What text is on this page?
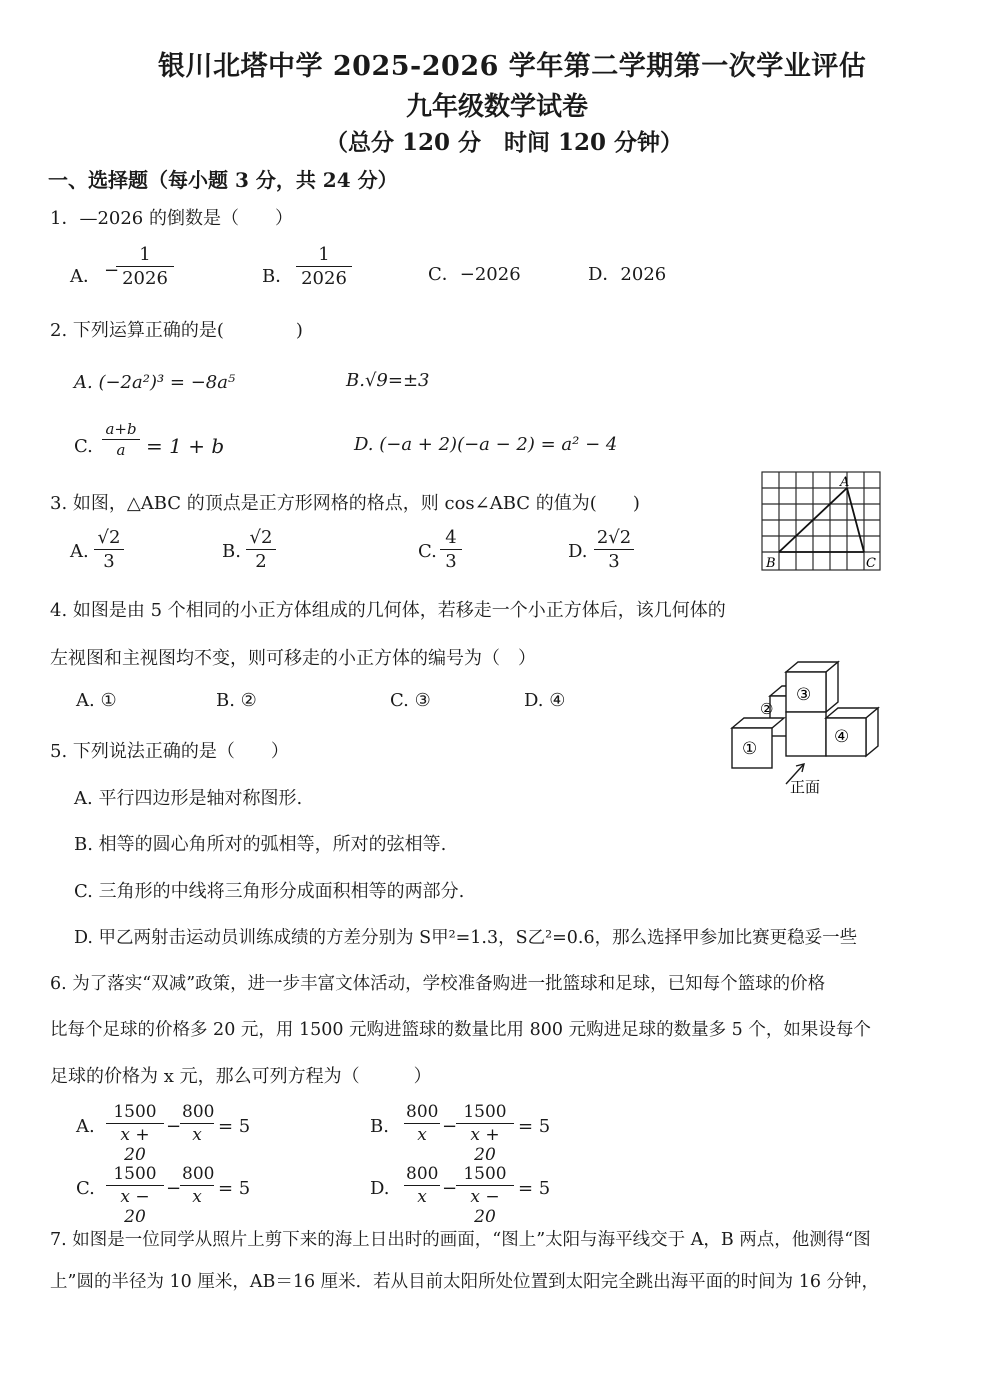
银川北塔中学 2025-2026 学年第二学期第一次学业评估
九年级数学试卷
（总分 120 分　时间 120 分钟）
一、选择题（每小题 3 分，共 24 分）
1．—2026 的倒数是（　　）
A． −
1
2026	B．
1
2026	C．−2026	D．2026
2. 下列运算正确的是(　　　　)
A. (−2a²)³ = −8a⁵	B.√9=±3
C.
a+b
a	= 1 + b	D. (−a + 2)(−a − 2) = a² − 4
3. 如图，△ABC 的顶点是正方形网格的格点，则 cos∠ABC 的值为(　　)
A.
√2
3	B.
√2
2	C.
4
3	D.
2√2
3
A
B	C
4. 如图是由 5 个相同的小正方体组成的几何体，若移走一个小正方体后，该几何体的
左视图和主视图均不变，则可移走的小正方体的编号为（　）
A. ①	B. ②	C. ③	D. ④
①
②
③
④
正面
5. 下列说法正确的是（　　）
A. 平行四边形是轴对称图形.
B. 相等的圆心角所对的弧相等，所对的弦相等.
C. 三角形的中线将三角形分成面积相等的两部分.
D. 甲乙两射击运动员训练成绩的方差分别为 S甲²=1.3，S乙²=0.6，那么选择甲参加比赛更稳妥一些
6. 为了落实“双减”政策，进一步丰富文体活动，学校准备购进一批篮球和足球，已知每个篮球的价格
比每个足球的价格多 20 元，用 1500 元购进篮球的数量比用 800 元购进足球的数量多 5 个，如果设每个
足球的价格为 x 元，那么可列方程为（　　　）
A.
1500
x + 20
−
800
x = 5	B.
800
x −
1500
x + 20
= 5
C.
1500
x − 20
−
800
x = 5	D.
800
x −
1500
x − 20
= 5
7. 如图是一位同学从照片上剪下来的海上日出时的画面，“图上”太阳与海平线交于 A，B 两点，他测得“图
上”圆的半径为 10 厘米，AB＝16 厘米．若从目前太阳所处位置到太阳完全跳出海平面的时间为 16 分钟，
